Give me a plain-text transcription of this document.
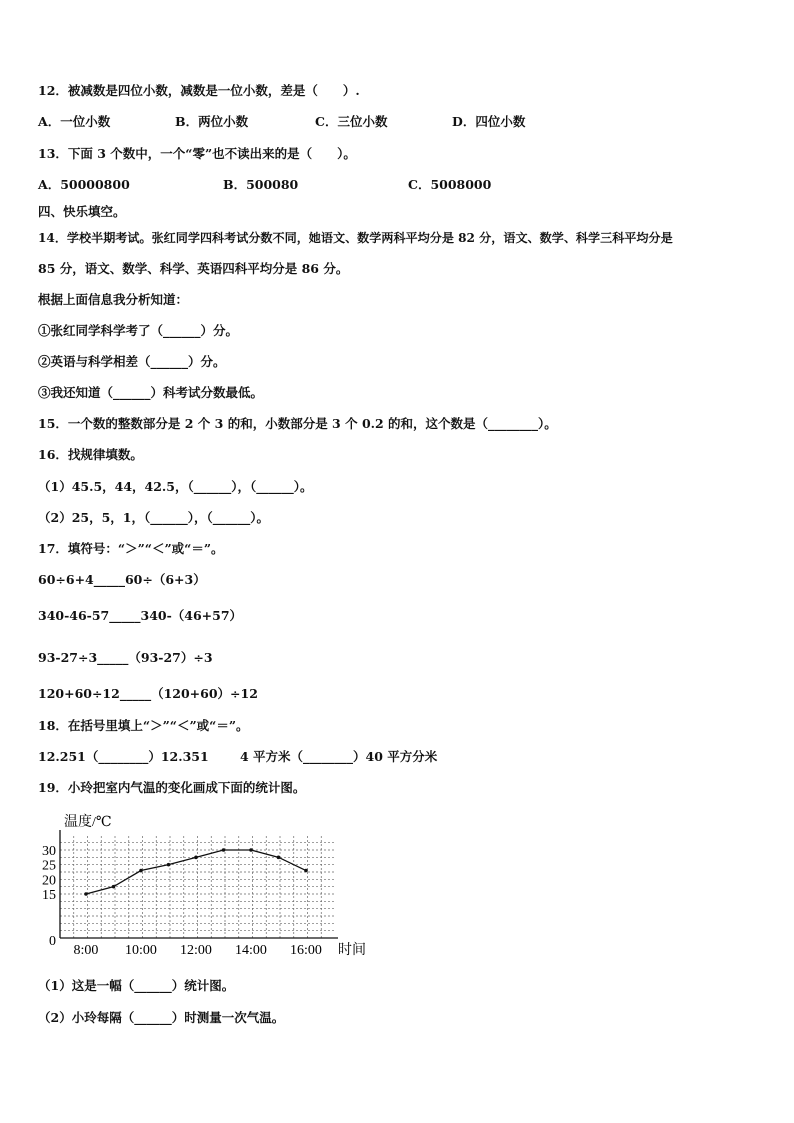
12．被减数是四位小数，减数是一位小数，差是（　　）.
A．一位小数	B．两位小数	C．三位小数	D．四位小数
13．下面 3 个数中，一个“零”也不读出来的是（　　）。
A．50000800	B．500080	C．5008000
四、快乐填空。
14．学校半期考试。张红同学四科考试分数不同，她语文、数学两科平均分是 82 分，语文、数学、科学三科平均分是
85 分，语文、数学、科学、英语四科平均分是 86 分。
根据上面信息我分析知道：
①张红同学科学考了（______）分。
②英语与科学相差（______）分。
③我还知道（______）科考试分数最低。
15．一个数的整数部分是 2 个 3 的和，小数部分是 3 个 0.2 的和，这个数是（________）。
16．找规律填数。
（1）45.5，44，42.5，（______），（______）。
（2）25，5，1，（______），（______）。
17．填符号：“＞”“＜”或“＝”。
60÷6+4_____60÷（6+3）
340-46-57_____340-（46+57）
93-27÷3_____（93-27）÷3
120+60÷12_____（120+60）÷12
18．在括号里填上“＞”“＜”或“＝”。
12.251（________）12.351	4 平方米（________）40 平方分米
19．小玲把室内气温的变化画成下面的统计图。
0
15
20
25
30
8:00 10:00 12:00 14:00 16:00
温度/℃
时间
（1）这是一幅（______）统计图。
（2）小玲每隔（______）时测量一次气温。
